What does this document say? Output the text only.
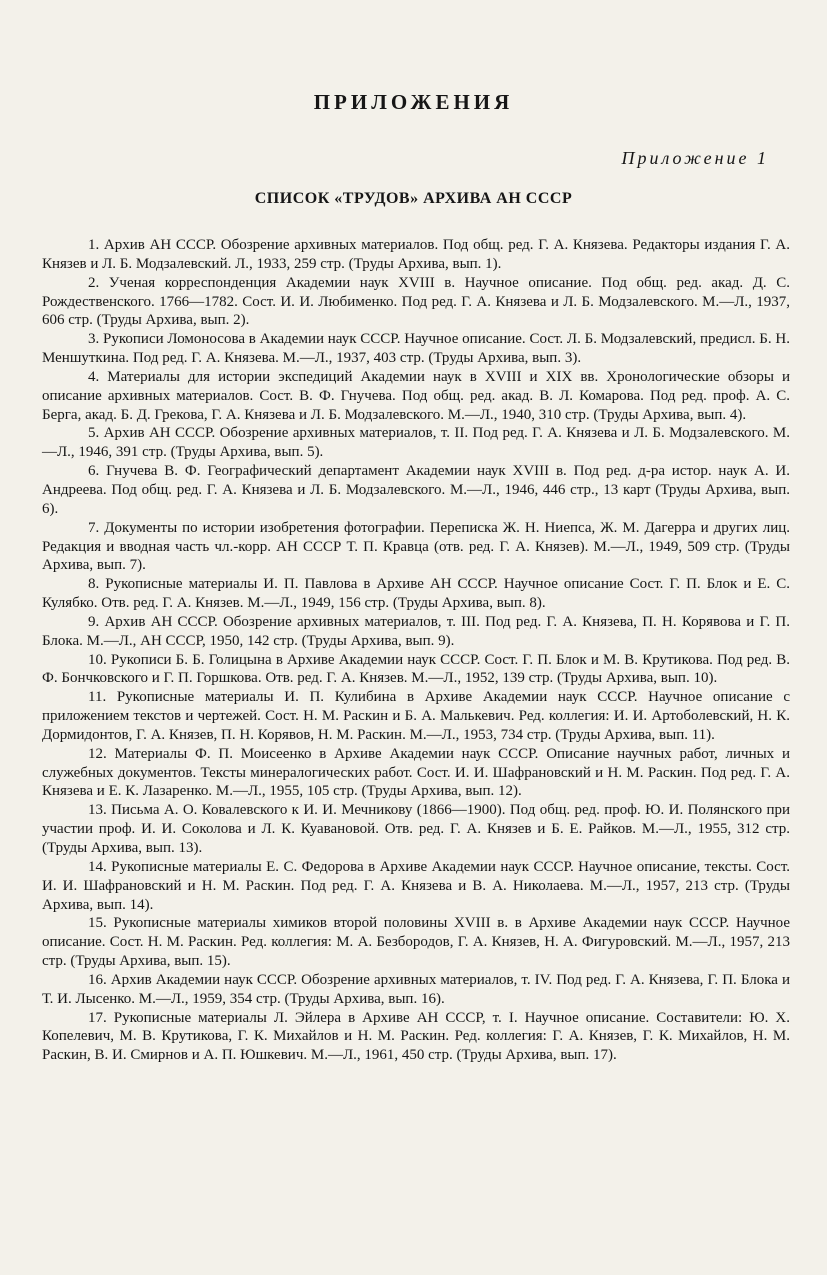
ПРИЛОЖЕНИЯ
Приложение 1
СПИСОК «ТРУДОВ» АРХИВА АН СССР

1. Архив АН СССР. Обозрение архивных материалов. Под общ. ред. Г. А. Князева. Редакторы издания Г. А. Князев и Л. Б. Модзалевский. Л., 1933, 259 стр. (Труды Архива, вып. 1).

2. Ученая корреспонденция Академии наук XVIII в. Научное описание. Под общ. ред. акад. Д. С. Рождественского. 1766—1782. Сост. И. И. Любименко. Под ред. Г. А. Князева и Л. Б. Модзалевского. М.—Л., 1937, 606 стр. (Труды Архива, вып. 2).

3. Рукописи Ломоносова в Академии наук СССР. Научное описание. Сост. Л. Б. Модзалевский, предисл. Б. Н. Меншуткина. Под ред. Г. А. Князева. М.—Л., 1937, 403 стр. (Труды Архива, вып. 3).

4. Материалы для истории экспедиций Академии наук в XVIII и XIX вв. Хронологические обзоры и описание архивных материалов. Сост. В. Ф. Гнучева. Под общ. ред. акад. В. Л. Комарова. Под ред. проф. А. С. Берга, акад. Б. Д. Грекова, Г. А. Князева и Л. Б. Модзалевского. М.—Л., 1940, 310 стр. (Труды Архива, вып. 4).

5. Архив АН СССР. Обозрение архивных материалов, т. II. Под ред. Г. А. Князева и Л. Б. Модзалевского. М.—Л., 1946, 391 стр. (Труды Архива, вып. 5).

6. Гнучева В. Ф. Географический департамент Академии наук XVIII в. Под ред. д-ра истор. наук А. И. Андреева. Под общ. ред. Г. А. Князева и Л. Б. Модзалевского. М.—Л., 1946, 446 стр., 13 карт (Труды Архива, вып. 6).

7. Документы по истории изобретения фотографии. Переписка Ж. Н. Ниепса, Ж. М. Дагерра и других лиц. Редакция и вводная часть чл.-корр. АН СССР Т. П. Кравца (отв. ред. Г. А. Князев). М.—Л., 1949, 509 стр. (Труды Архива, вып. 7).

8. Рукописные материалы И. П. Павлова в Архиве АН СССР. Научное описание Сост. Г. П. Блок и Е. С. Кулябко. Отв. ред. Г. А. Князев. М.—Л., 1949, 156 стр. (Труды Архива, вып. 8).

9. Архив АН СССР. Обозрение архивных материалов, т. III. Под ред. Г. А. Князева, П. Н. Корявова и Г. П. Блока. М.—Л., АН СССР, 1950, 142 стр. (Труды Архива, вып. 9).

10. Рукописи Б. Б. Голицына в Архиве Академии наук СССР. Сост. Г. П. Блок и М. В. Крутикова. Под ред. В. Ф. Бончковского и Г. П. Горшкова. Отв. ред. Г. А. Князев. М.—Л., 1952, 139 стр. (Труды Архива, вып. 10).

11. Рукописные материалы И. П. Кулибина в Архиве Академии наук СССР. Научное описание с приложением текстов и чертежей. Сост. Н. М. Раскин и Б. А. Малькевич. Ред. коллегия: И. И. Артоболевский, Н. К. Дормидонтов, Г. А. Князев, П. Н. Корявов, Н. М. Раскин. М.—Л., 1953, 734 стр. (Труды Архива, вып. 11).

12. Материалы Ф. П. Моисеенко в Архиве Академии наук СССР. Описание научных работ, личных и служебных документов. Тексты минералогических работ. Сост. И. И. Шафрановский и Н. М. Раскин. Под ред. Г. А. Князева и Е. К. Лазаренко. М.—Л., 1955, 105 стр. (Труды Архива, вып. 12).

13. Письма А. О. Ковалевского к И. И. Мечникову (1866—1900). Под общ. ред. проф. Ю. И. Полянского при участии проф. И. И. Соколова и Л. К. Куавановой. Отв. ред. Г. А. Князев и Б. Е. Райков. М.—Л., 1955, 312 стр. (Труды Архива, вып. 13).

14. Рукописные материалы Е. С. Федорова в Архиве Академии наук СССР. Научное описание, тексты. Сост. И. И. Шафрановский и Н. М. Раскин. Под ред. Г. А. Князева и В. А. Николаева. М.—Л., 1957, 213 стр. (Труды Архива, вып. 14).

15. Рукописные материалы химиков второй половины XVIII в. в Архиве Академии наук СССР. Научное описание. Сост. Н. М. Раскин. Ред. коллегия: М. А. Безбородов, Г. А. Князев, Н. А. Фигуровский. М.—Л., 1957, 213 стр. (Труды Архива, вып. 15).

16. Архив Академии наук СССР. Обозрение архивных материалов, т. IV. Под ред. Г. А. Князева, Г. П. Блока и Т. И. Лысенко. М.—Л., 1959, 354 стр. (Труды Архива, вып. 16).

17. Рукописные материалы Л. Эйлера в Архиве АН СССР, т. I. Научное описание. Составители: Ю. Х. Копелевич, М. В. Крутикова, Г. К. Михайлов и Н. М. Раскин. Ред. коллегия: Г. А. Князев, Г. К. Михайлов, Н. М. Раскин, В. И. Смирнов и А. П. Юшкевич. М.—Л., 1961, 450 стр. (Труды Архива, вып. 17).
